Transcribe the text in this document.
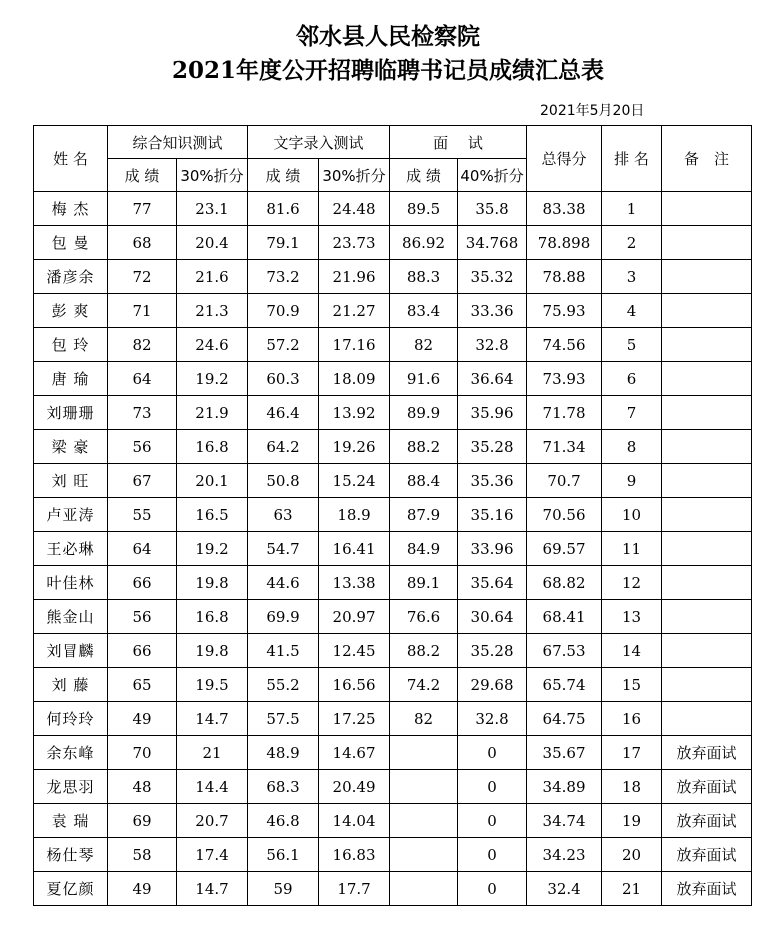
邻水县人民检察院
2021年度公开招聘临聘书记员成绩汇总表
2021年5月20日
姓 名	综合知识测试		文字录入测试		面　 试		总得分	排 名	备　注
	成 绩	30%折分	成 绩	30%折分	成 绩	40%折分			
梅 杰	77	23.1	81.6	24.48	89.5	35.8	83.38	1	
包 曼	68	20.4	79.1	23.73	86.92	34.768	78.898	2	
潘彦余	72	21.6	73.2	21.96	88.3	35.32	78.88	3	
彭 爽	71	21.3	70.9	21.27	83.4	33.36	75.93	4	
包 玲	82	24.6	57.2	17.16	82	32.8	74.56	5	
唐 瑜	64	19.2	60.3	18.09	91.6	36.64	73.93	6	
刘珊珊	73	21.9	46.4	13.92	89.9	35.96	71.78	7	
梁 豪	56	16.8	64.2	19.26	88.2	35.28	71.34	8	
刘 旺	67	20.1	50.8	15.24	88.4	35.36	70.7	9	
卢亚涛	55	16.5	63	18.9	87.9	35.16	70.56	10	
王必琳	64	19.2	54.7	16.41	84.9	33.96	69.57	11	
叶佳林	66	19.8	44.6	13.38	89.1	35.64	68.82	12	
熊金山	56	16.8	69.9	20.97	76.6	30.64	68.41	13	
刘冒麟	66	19.8	41.5	12.45	88.2	35.28	67.53	14	
刘 藤	65	19.5	55.2	16.56	74.2	29.68	65.74	15	
何玲玲	49	14.7	57.5	17.25	82	32.8	64.75	16	
余东峰	70	21	48.9	14.67		0	35.67	17	放弃面试
龙思羽	48	14.4	68.3	20.49		0	34.89	18	放弃面试
袁 瑞	69	20.7	46.8	14.04		0	34.74	19	放弃面试
杨仕琴	58	17.4	56.1	16.83		0	34.23	20	放弃面试
夏亿颜	49	14.7	59	17.7		0	32.4	21	放弃面试
